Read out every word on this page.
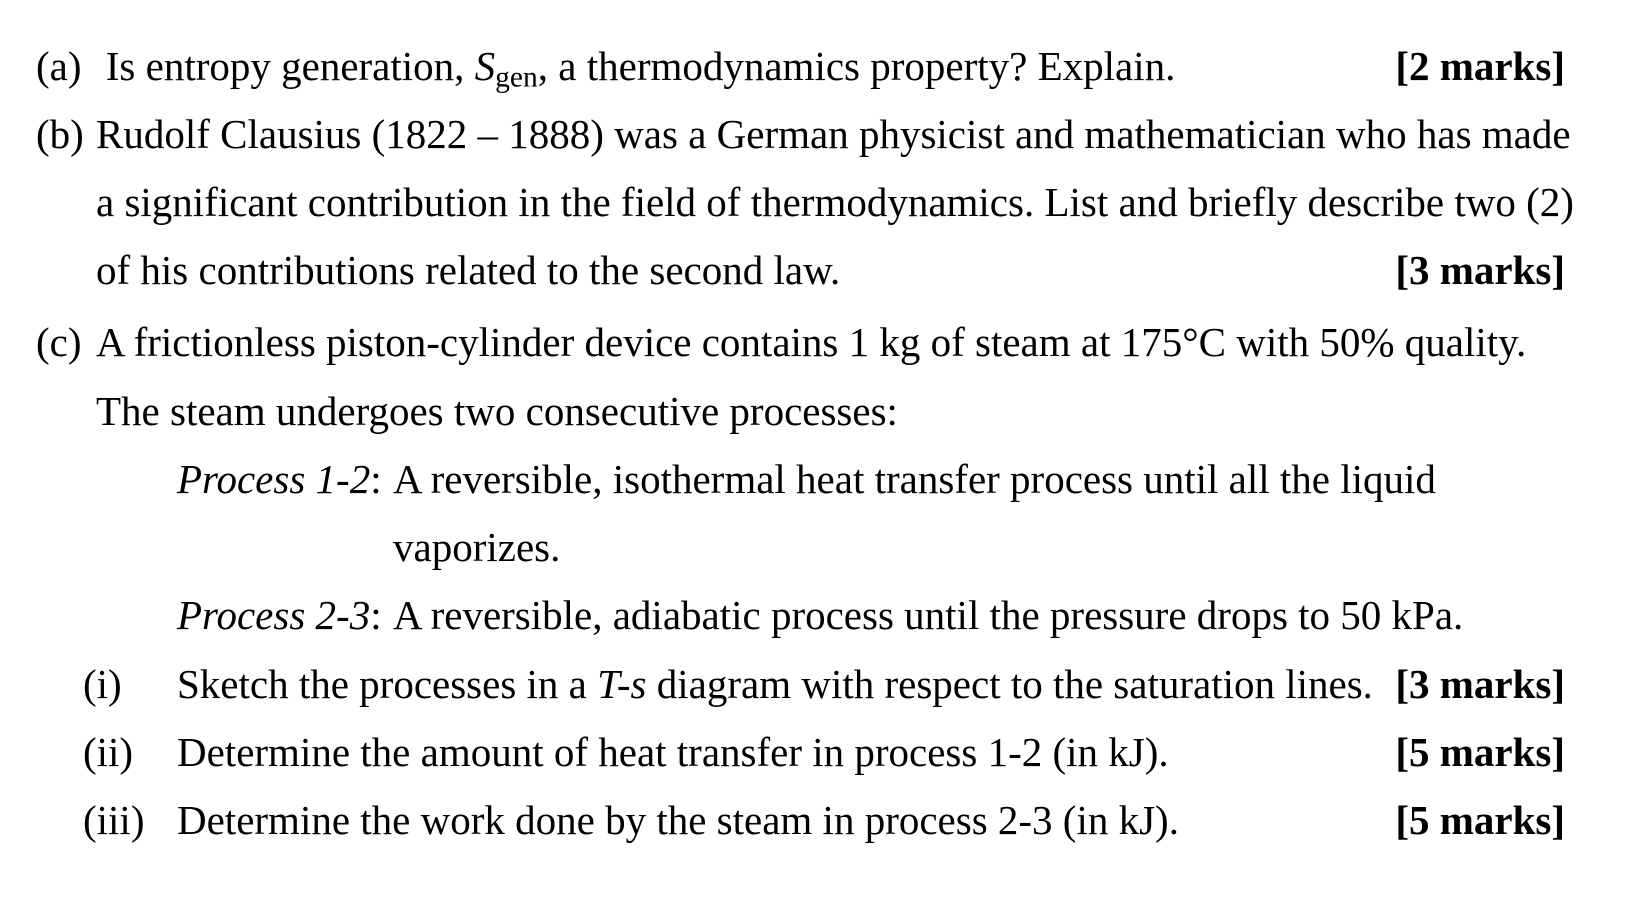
(a) Is entropy generation, $S_{gen}$, a thermodynamics property? Explain.	[2 marks]
(b) Rudolf Clausius (1822 – 1888) was a German physicist and mathematician who has made
a significant contribution in the field of thermodynamics. List and briefly describe two (2)
of his contributions related to the second law.	[3 marks]
(c) A frictionless piston-cylinder device contains 1 kg of steam at 175°C with 50% quality.
The steam undergoes two consecutive processes:
Process 1-2: A reversible, isothermal heat transfer process until all the liquid
vaporizes.
Process 2-3: A reversible, adiabatic process until the pressure drops to 50 kPa.
(i) Sketch the processes in a T-s diagram with respect to the saturation lines. [3 marks]
(ii) Determine the amount of heat transfer in process 1-2 (in kJ).	[5 marks]
(iii) Determine the work done by the steam in process 2-3 (in kJ).	[5 marks]
